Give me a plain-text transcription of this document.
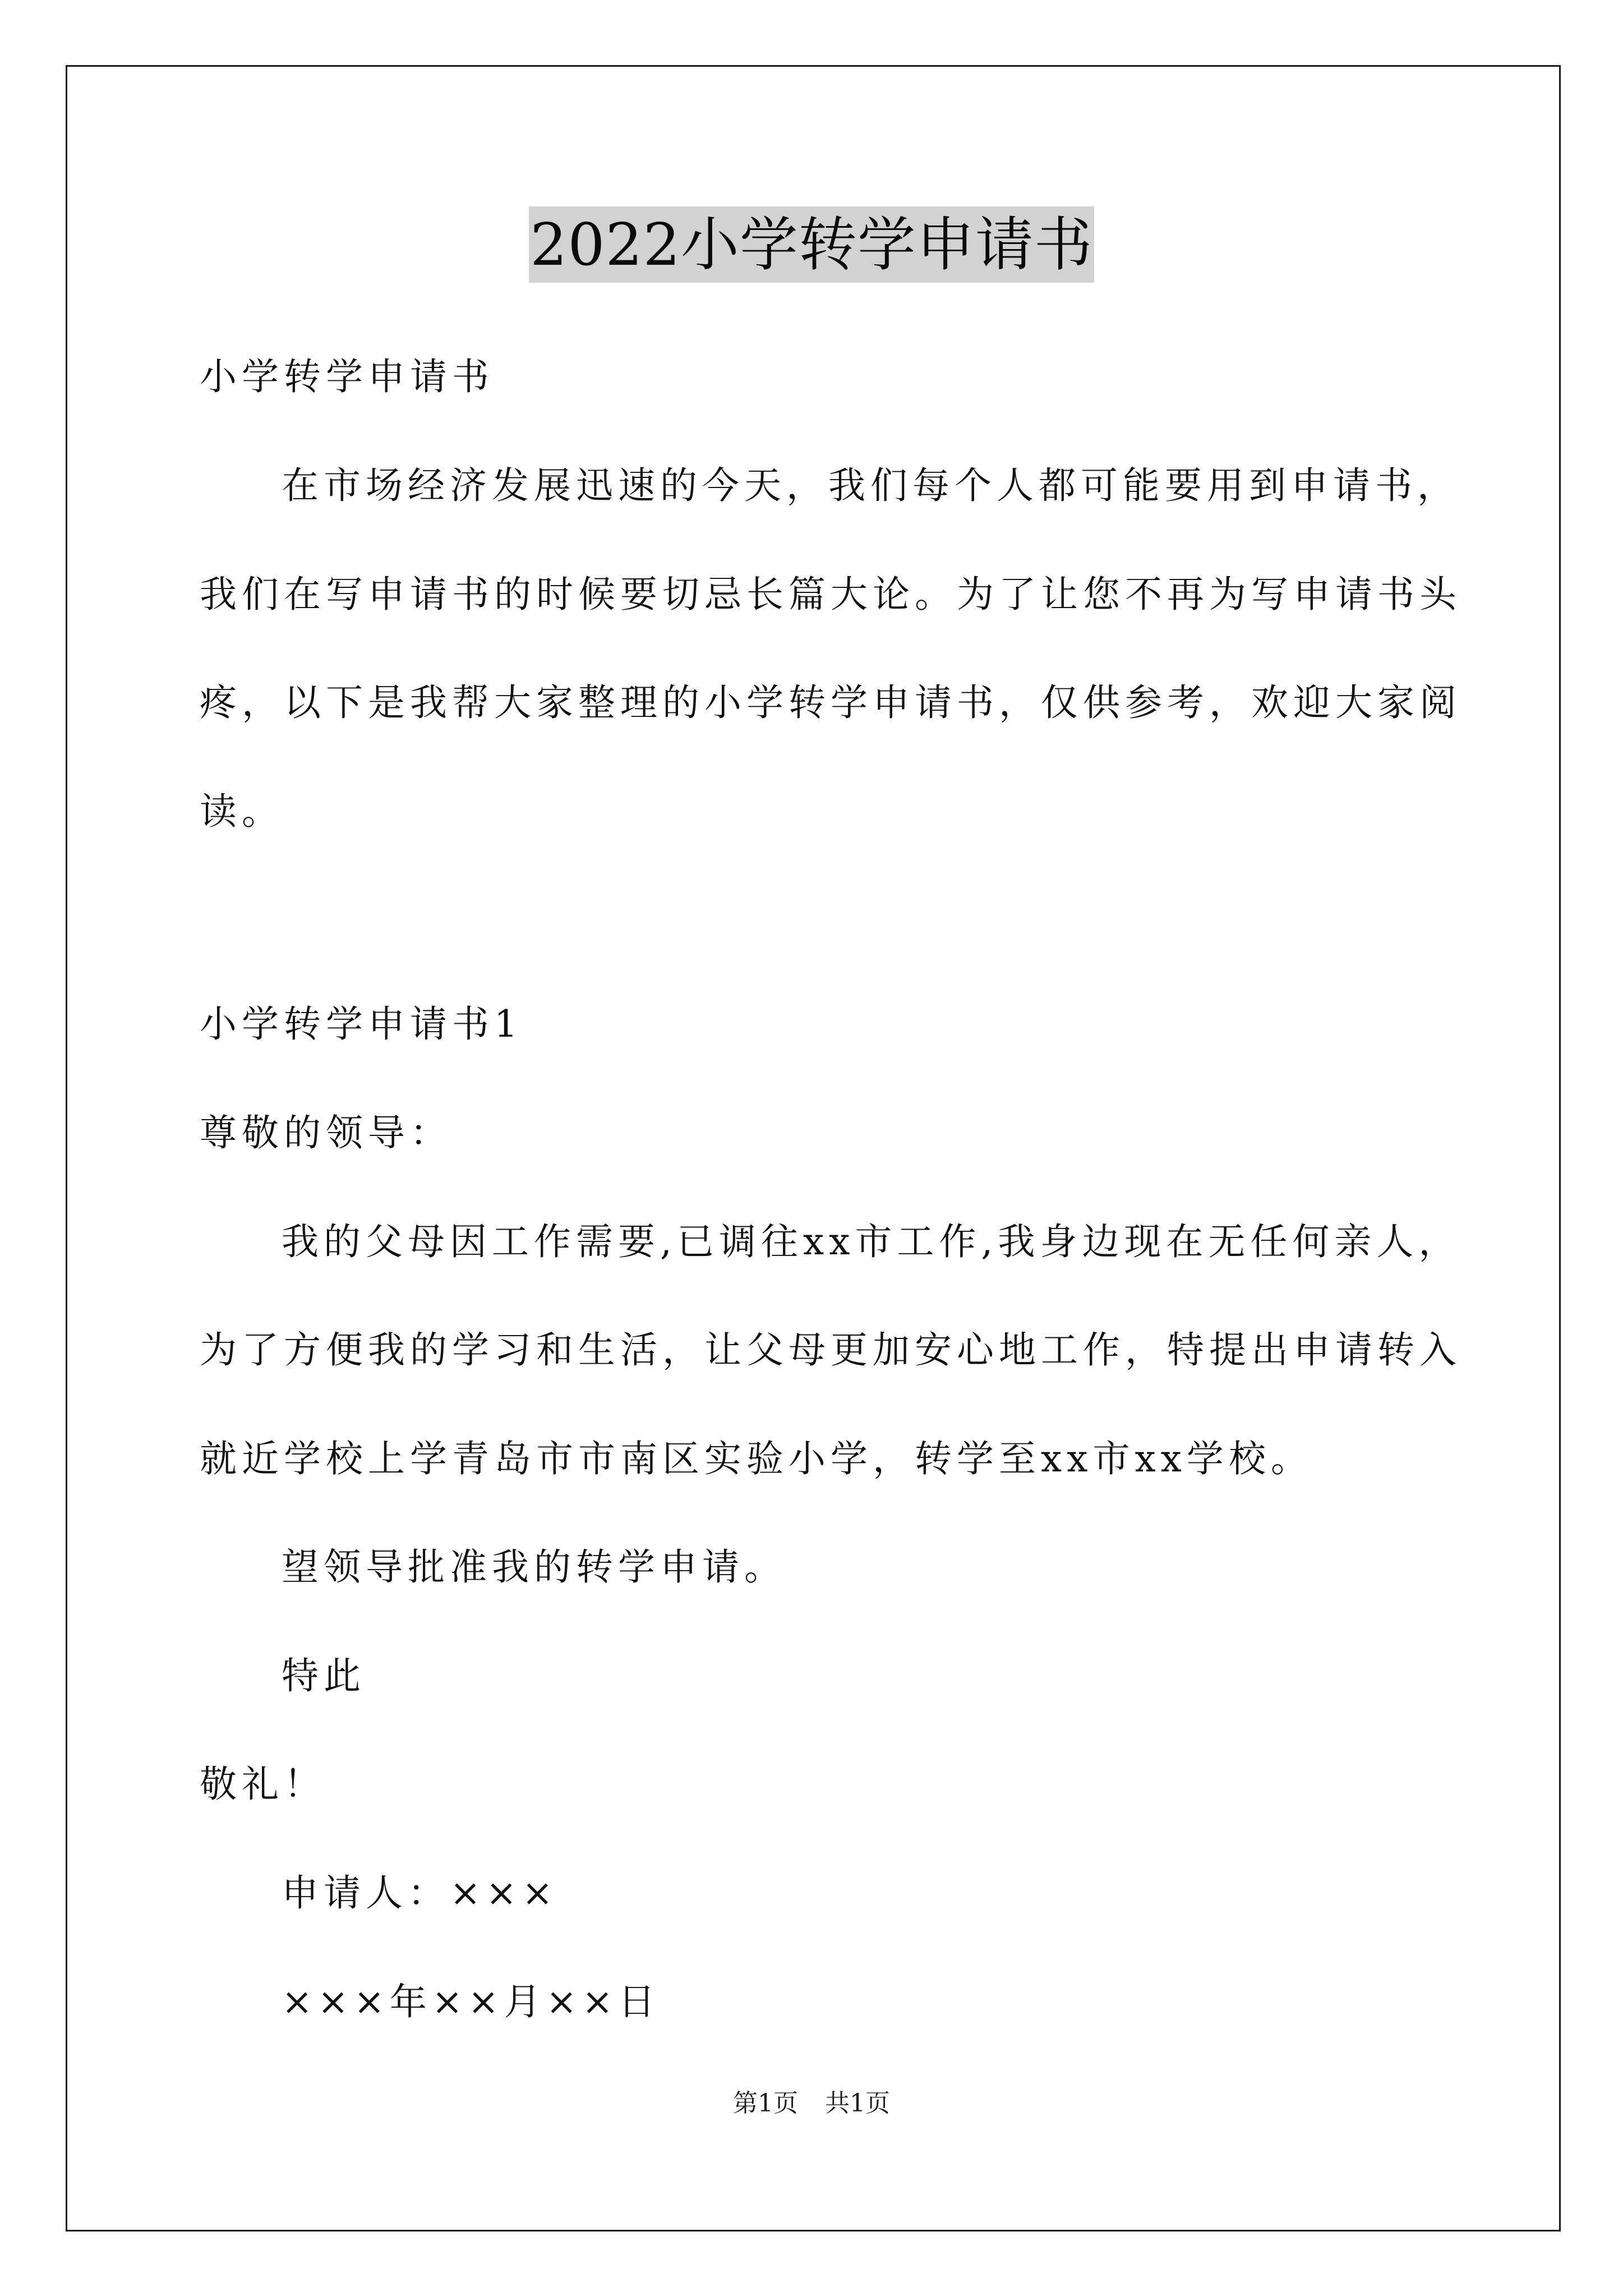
2022小学转学申请书
小学转学申请书
在市场经济发展迅速的今天，我们每个人都可能要用到申请书，
我们在写申请书的时候要切忌长篇大论。为了让您不再为写申请书头
疼，以下是我帮大家整理的小学转学申请书，仅供参考，欢迎大家阅
读。
小学转学申请书1
尊敬的领导：
我的父母因工作需要,已调往xx市工作,我身边现在无任何亲人，
为了方便我的学习和生活，让父母更加安心地工作，特提出申请转入
就近学校上学青岛市市南区实验小学，转学至xx市xx学校。
望领导批准我的转学申请。
特此
敬礼！
申请人：×××
×××年××月××日
第1页 共1页
